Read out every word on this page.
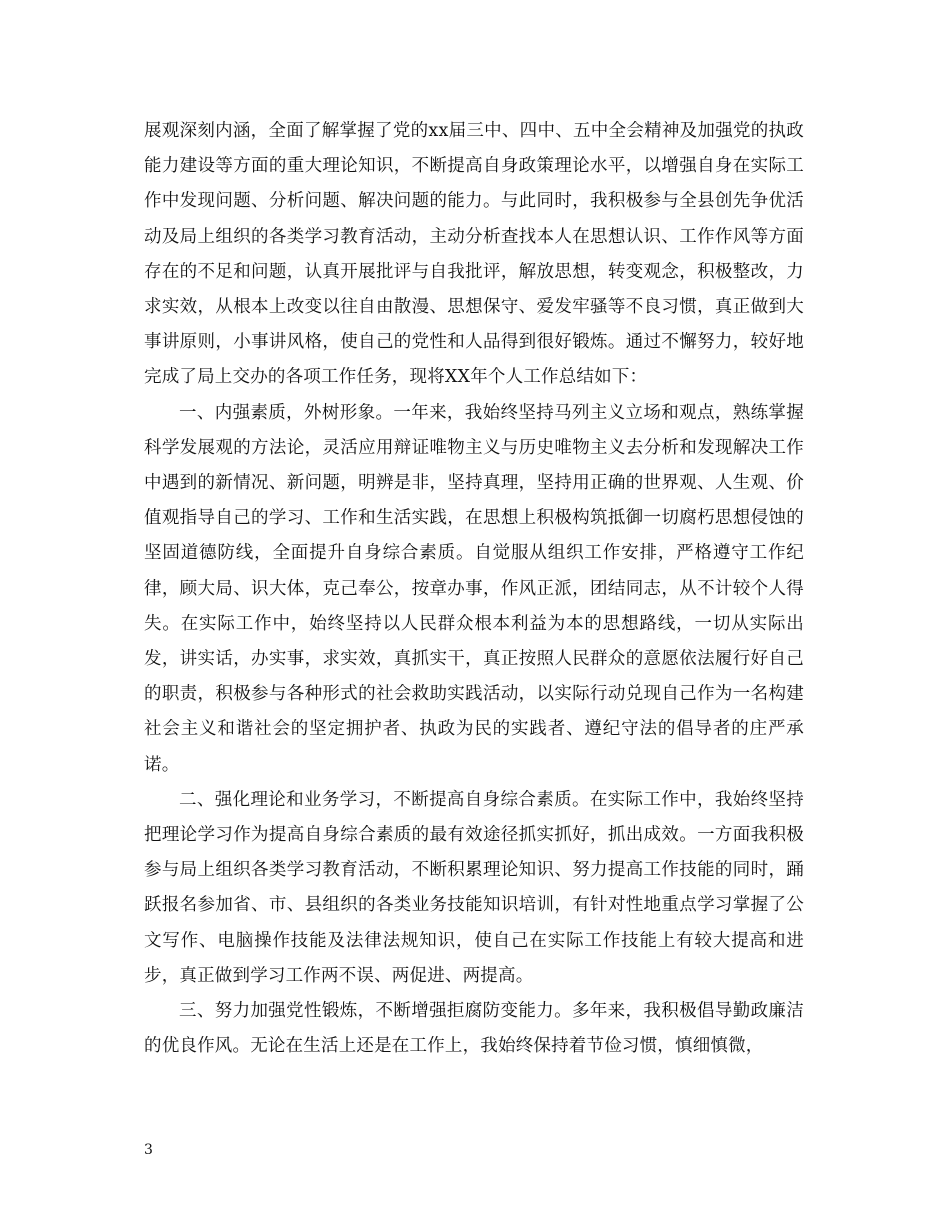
展观深刻内涵，全面了解掌握了党的xx届三中、四中、五中全会精神及加强党的执政能力建设等方面的重大理论知识，不断提高自身政策理论水平，以增强自身在实际工作中发现问题、分析问题、解决问题的能力。与此同时，我积极参与全县创先争优活动及局上组织的各类学习教育活动，主动分析查找本人在思想认识、工作作风等方面存在的不足和问题，认真开展批评与自我批评，解放思想，转变观念，积极整改，力求实效，从根本上改变以往自由散漫、思想保守、爱发牢骚等不良习惯，真正做到大事讲原则，小事讲风格，使自己的党性和人品得到很好锻炼。通过不懈努力，较好地完成了局上交办的各项工作任务，现将XX年个人工作总结如下：

一、内强素质，外树形象。一年来，我始终坚持马列主义立场和观点，熟练掌握科学发展观的方法论，灵活应用辩证唯物主义与历史唯物主义去分析和发现解决工作中遇到的新情况、新问题，明辨是非，坚持真理，坚持用正确的世界观、人生观、价值观指导自己的学习、工作和生活实践，在思想上积极构筑抵御一切腐朽思想侵蚀的坚固道德防线，全面提升自身综合素质。自觉服从组织工作安排，严格遵守工作纪律，顾大局、识大体，克己奉公，按章办事，作风正派，团结同志，从不计较个人得失。在实际工作中，始终坚持以人民群众根本利益为本的思想路线，一切从实际出发，讲实话，办实事，求实效，真抓实干，真正按照人民群众的意愿依法履行好自己的职责，积极参与各种形式的社会救助实践活动，以实际行动兑现自己作为一名构建社会主义和谐社会的坚定拥护者、执政为民的实践者、遵纪守法的倡导者的庄严承诺。

二、强化理论和业务学习，不断提高自身综合素质。在实际工作中，我始终坚持把理论学习作为提高自身综合素质的最有效途径抓实抓好，抓出成效。一方面我积极参与局上组织各类学习教育活动，不断积累理论知识、努力提高工作技能的同时，踊跃报名参加省、市、县组织的各类业务技能知识培训，有针对性地重点学习掌握了公文写作、电脑操作技能及法律法规知识，使自己在实际工作技能上有较大提高和进步，真正做到学习工作两不误、两促进、两提高。

三、努力加强党性锻炼，不断增强拒腐防变能力。多年来，我积极倡导勤政廉洁的优良作风。无论在生活上还是在工作上，我始终保持着节俭习惯，慎细慎微，

3
